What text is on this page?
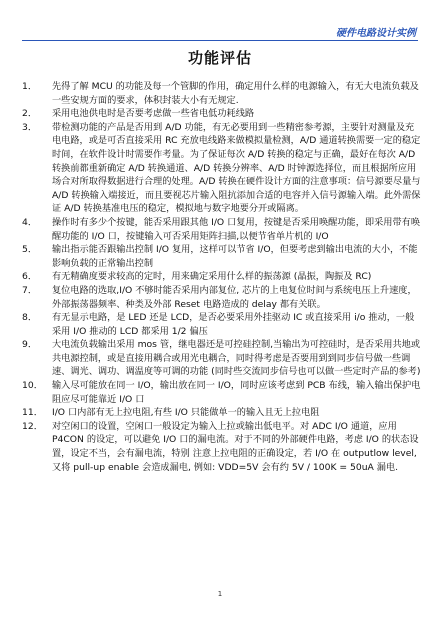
硬件电路设计实例
功能评估
1．	先得了解 MCU 的功能及每一个管脚的作用，确定用什么样的电源输入，有无大电流负载及一些安规方面的要求，体积封装大小有无规定.
2．	采用电池供电时是否要考虑做一些省电低功耗线路
3．	带检测功能的产品是否用到 A/D 功能，有无必要用到一些精密参考源，主要针对测量及充电电路，或是可否直接采用 RC 充放电线路来做模拟量检测，A/D 通道转换需要一定的稳定时间，在软件设计时需要作考量。为了保证每次 A/D 转换的稳定与正确，最好在每次 A/D 转换前都重新确定 A/D 转换通道、A/D 转换分辨率、A/D 时钟源选择位，而且根据所应用场合对所取得数据进行合理的处理。A/D 转换在硬件设计方面的注意事项：信号源要尽量与 A/D 转换输入端接近，而且要视芯片输入阻抗添加合适的电容并入信号源输入端。此外需保证 A/D 转换基准电压的稳定，模拟地与数字地要分开或隔离。
4．	操作时有多少个按键，能否采用跟其他 I/O 口复用，按键是否采用唤醒功能，即采用带有唤醒功能的 I/O 口，按键输入可否采用矩阵扫描,以便节省单片机的 I/O
5．	输出指示能否跟输出控制 I/O 复用，这样可以节省 I/O，但要考虑到输出电流的大小，不能影响负载的正常输出控制
6．	有无精确度要求较高的定时，用来确定采用什么样的振荡源 (晶振，陶振及 RC)
7．	复位电路的选取,I/O 不够时能否采用内部复位, 芯片的上电复位时间与系统电压上升速度，外部振荡器频率、种类及外部 Reset 电路造成的 delay 都有关联。
8．	有无显示电路，是 LED 还是 LCD，是否必要采用外挂驱动 IC 或直接采用 i/o 推动，一般采用 I/O 推动的 LCD 都采用 1/2 偏压
9．	大电流负载输出采用 mos 管，继电器还是可控硅控制,当输出为可控硅时，是否采用共地或共电源控制，或是直接用耦合或用光电耦合，同时得考虑是否要用到到同步信号做一些调速、调光、调功、调温度等可调的功能 (同时些交流同步信号也可以做一些定时产品的参考)
10． 输入尽可能放在同一 I/O，输出放在同一 I/O，同时应该考虑到 PCB 布线，输入输出保护电阻应尽可能靠近 I/O 口
11． I/O 口内部有无上拉电阻,有些 I/O 只能做单一的输入且无上拉电阻
12． 对空闲口的设置，空闲口一般设定为输入上拉或输出低电平。对 ADC I/O 通道，应用 P4CON 的设定，可以避免 I/O 口的漏电流。对于不同的外部硬件电路，考虑 I/O 的状态设置，设定不当，会有漏电流，特别 注意上拉电阻的正确设定，若 I/O 在 outputlow level, 又将 pull-up enable 会造成漏电, 例如: VDD=5V 会有约 5V / 100K = 50uA 漏电.
1
